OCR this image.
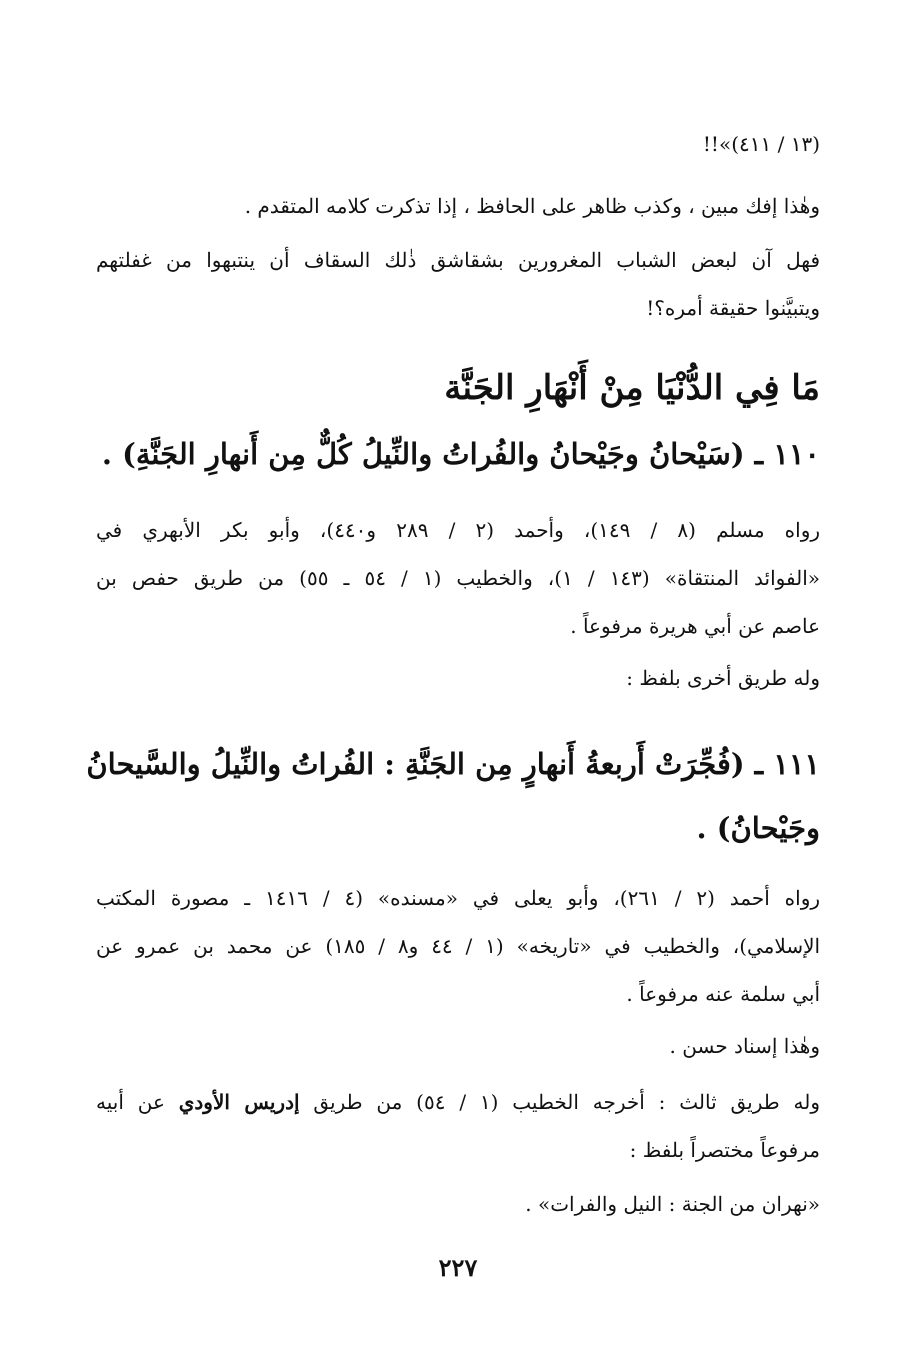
(١٣ / ٤١١)»!!
وهٰذا إفك مبين ، وكذب ظاهر على الحافظ ، إذا تذكرت كلامه المتقدم .
فهل آن لبعض الشباب المغرورين بشقاشق ذٰلك السقاف أن ينتبهوا من غفلتهم
ويتبيَّنوا حقيقة أمره؟!
مَا فِي الدُّنْيَا مِنْ أَنْهَارِ الجَنَّة
١١٠ ـ (سَيْحانُ وجَيْحانُ والفُراتُ والنِّيلُ كُلٌّ مِن أَنهارِ الجَنَّةِ) .
رواه مسلم (٨ / ١٤٩)، وأحمد (٢ / ٢٨٩ و٤٤٠)، وأبو بكر الأبهري في
«الفوائد المنتقاة» (١٤٣ / ١)، والخطيب (١ / ٥٤ ـ ٥٥) من طريق حفص بن
عاصم عن أبي هريرة مرفوعاً .
وله طريق أخرى بلفظ :
١١١ ـ (فُجِّرَتْ أَربعةُ أَنهارٍ مِن الجَنَّةِ : الفُراتُ والنِّيلُ والسَّيحانُ
وجَيْحانُ) .
رواه أحمد (٢ / ٢٦١)، وأبو يعلى في «مسنده» (٤ / ١٤١٦ ـ مصورة المكتب
الإسلامي)، والخطيب في «تاريخه» (١ / ٤٤ و٨ / ١٨٥) عن محمد بن عمرو عن
أبي سلمة عنه مرفوعاً .
وهٰذا إسناد حسن .
وله طريق ثالث : أخرجه الخطيب (١ / ٥٤) من طريق إدريس الأودي عن أبيه
مرفوعاً مختصراً بلفظ :
«نهران من الجنة : النيل والفرات» .
٢٢٧
